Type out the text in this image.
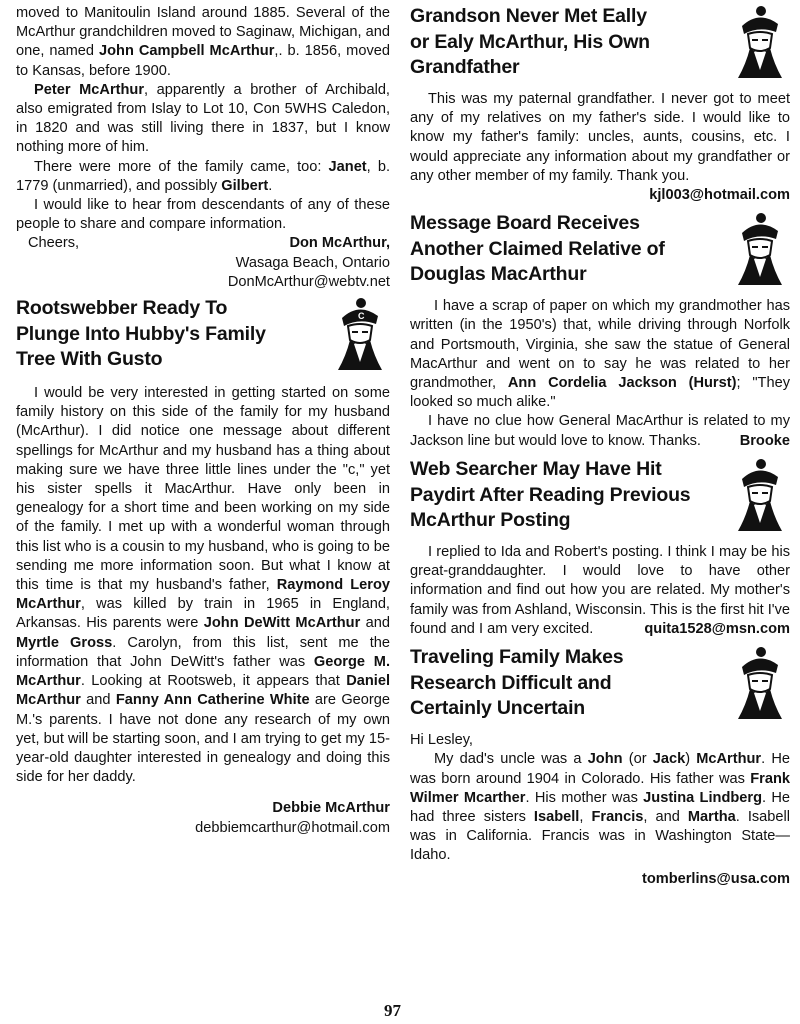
moved to Manitoulin Island around 1885. Several of the McArthur grandchildren moved to Saginaw, Michigan, and one, named John Campbell McArthur,. b. 1856, moved to Kansas, before 1900.

Peter McArthur, apparently a brother of Archibald, also emigrated from Islay to Lot 10, Con 5WHS Caledon, in 1820 and was still living there in 1837, but I know nothing more of him.

There were more of the family came, too: Janet, b. 1779 (unmarried), and possibly Gilbert.

I would like to hear from descendants of any of these people to share and compare information.

Cheers,	Don McArthur,
Wasaga Beach, Ontario
DonMcArthur@webtv.net
Rootswebber Ready To Plunge Into Hubby's Family Tree With Gusto
C

I would be very interested in getting started on some family history on this side of the family for my husband (McArthur). I did notice one message about different spellings for McArthur and my husband has a thing about making sure we have three little lines under the "c," yet his sister spells it MacArthur. Have only been in genealogy for a short time and been working on my side of the family. I met up with a wonderful woman through this list who is a cousin to my husband, who is going to be sending me more information soon. But what I know at this time is that my husband's father, Raymond Leroy McArthur, was killed by train in 1965 in England, Arkansas. His parents were John DeWitt McArthur and Myrtle Gross. Carolyn, from this list, sent me the information that John DeWitt's father was George M. McArthur. Looking at Rootsweb, it appears that Daniel McArthur and Fanny Ann Catherine White are George M.'s parents. I have not done any research of my own yet, but will be starting soon, and I am trying to get my 15-year-old daughter interested in genealogy and doing this side for her daddy.

Debbie McArthur
debbiemcarthur@hotmail.com
Grandson Never Met Eally or Ealy McArthur, His Own Grandfather

This was my paternal grandfather. I never got to meet any of my relatives on my father's side. I would like to know my father's family: uncles, aunts, cousins, etc. I would appreciate any information about my grandfather or any other member of my family. Thank you.

kjl003@hotmail.com
Message Board Receives Another Claimed Relative of Douglas MacArthur

I have a scrap of paper on which my grandmother has written (in the 1950's) that, while driving through Norfolk and Portsmouth, Virginia, she saw the statue of General MacArthur and went on to say he was related to her grandmother, Ann Cordelia Jackson (Hurst); "They looked so much alike."

I have no clue how General MacArthur is related to my Jackson line but would love to know. Thanks.	Brooke
Web Searcher May Have Hit Paydirt After Reading Previous McArthur Posting

I replied to Ida and Robert's posting. I think I may be his great-granddaughter. I would love to have other information and find out how you are related. My mother's family was from Ashland, Wisconsin. This is the first hit I've found and I am very excited.	quita1528@msn.com
Traveling Family Makes Research Difficult and Certainly Uncertain
Hi Lesley,

My dad's uncle was a John (or Jack) McArthur. He was born around 1904 in Colorado. His father was Frank Wilmer Mcarther. His mother was Justina Lindberg. He had three sisters Isabell, Francis, and Martha. Isabell was in California. Francis was in Washington State—Idaho.

tomberlins@usa.com
97
